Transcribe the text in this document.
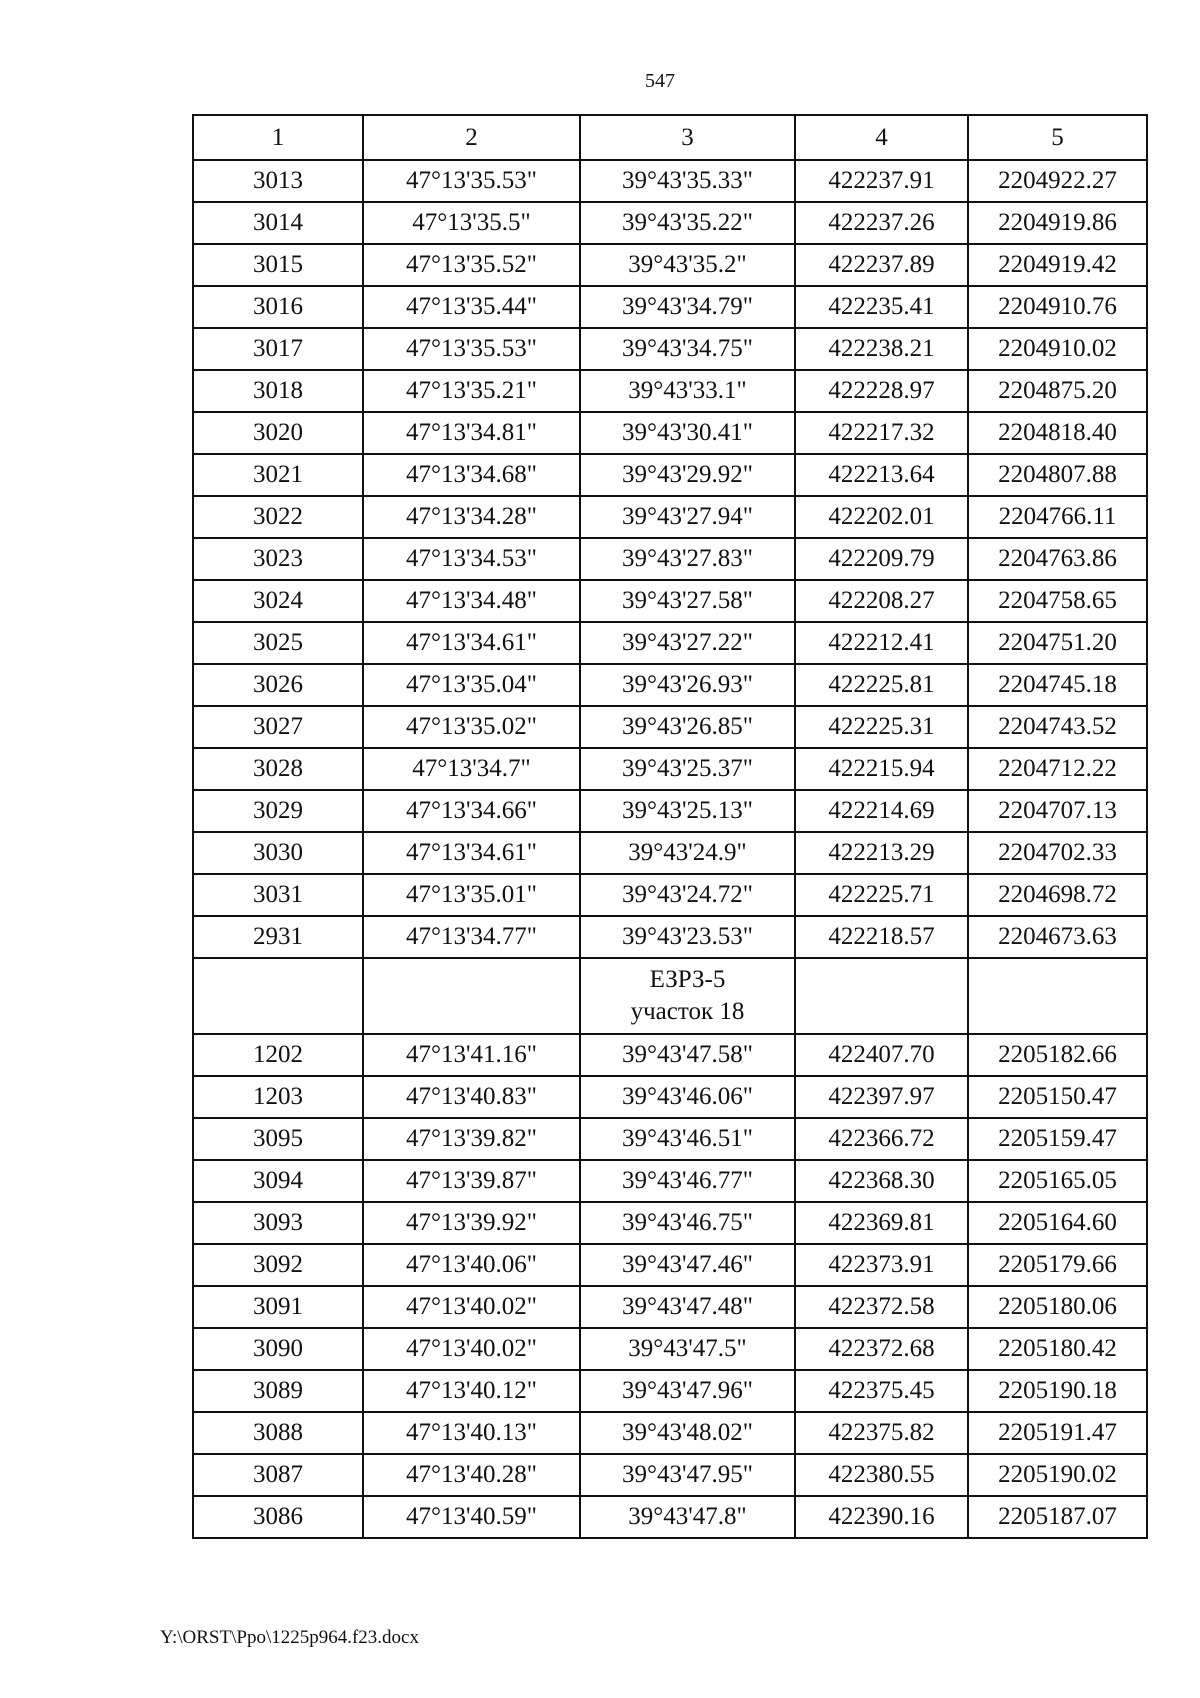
547
1	2	3	4	5
3013	47°13'35.53"	39°43'35.33"	422237.91	2204922.27
3014	47°13'35.5"	39°43'35.22"	422237.26	2204919.86
3015	47°13'35.52"	39°43'35.2"	422237.89	2204919.42
3016	47°13'35.44"	39°43'34.79"	422235.41	2204910.76
3017	47°13'35.53"	39°43'34.75"	422238.21	2204910.02
3018	47°13'35.21"	39°43'33.1"	422228.97	2204875.20
3020	47°13'34.81"	39°43'30.41"	422217.32	2204818.40
3021	47°13'34.68"	39°43'29.92"	422213.64	2204807.88
3022	47°13'34.28"	39°43'27.94"	422202.01	2204766.11
3023	47°13'34.53"	39°43'27.83"	422209.79	2204763.86
3024	47°13'34.48"	39°43'27.58"	422208.27	2204758.65
3025	47°13'34.61"	39°43'27.22"	422212.41	2204751.20
3026	47°13'35.04"	39°43'26.93"	422225.81	2204745.18
3027	47°13'35.02"	39°43'26.85"	422225.31	2204743.52
3028	47°13'34.7"	39°43'25.37"	422215.94	2204712.22
3029	47°13'34.66"	39°43'25.13"	422214.69	2204707.13
3030	47°13'34.61"	39°43'24.9"	422213.29	2204702.33
3031	47°13'35.01"	39°43'24.72"	422225.71	2204698.72
2931	47°13'34.77"	39°43'23.53"	422218.57	2204673.63

		ЕЗРЗ-5
участок 18		

1202	47°13'41.16"	39°43'47.58"	422407.70	2205182.66
1203	47°13'40.83"	39°43'46.06"	422397.97	2205150.47
3095	47°13'39.82"	39°43'46.51"	422366.72	2205159.47
3094	47°13'39.87"	39°43'46.77"	422368.30	2205165.05
3093	47°13'39.92"	39°43'46.75"	422369.81	2205164.60
3092	47°13'40.06"	39°43'47.46"	422373.91	2205179.66
3091	47°13'40.02"	39°43'47.48"	422372.58	2205180.06
3090	47°13'40.02"	39°43'47.5"	422372.68	2205180.42
3089	47°13'40.12"	39°43'47.96"	422375.45	2205190.18
3088	47°13'40.13"	39°43'48.02"	422375.82	2205191.47
3087	47°13'40.28"	39°43'47.95"	422380.55	2205190.02
3086	47°13'40.59"	39°43'47.8"	422390.16	2205187.07
Y:\ORST\Ppo\1225p964.f23.docx
